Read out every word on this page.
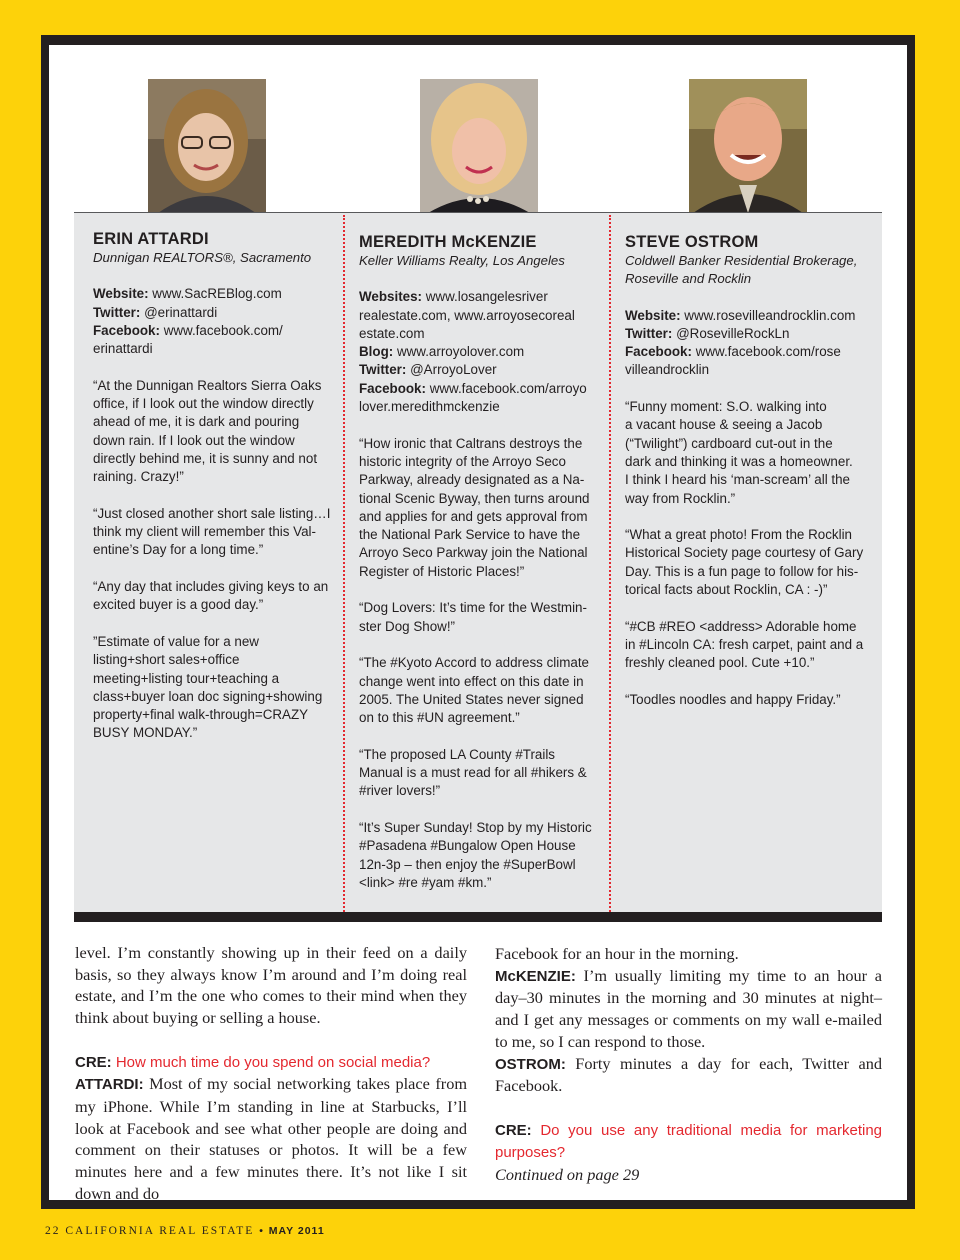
ERIN ATTARDI
Dunnigan REALTORS®, Sacramento
Website: www.SacREBlog.com
Twitter: @erinattardi
Facebook: www.facebook.com/
erinattardi
“At the Dunnigan Realtors Sierra Oaks
office, if I look out the window directly
ahead of me, it is dark and pouring
down rain. If I look out the window
directly behind me, it is sunny and not
raining. Crazy!”
“Just closed another short sale listing…I
think my client will remember this Val-
entine’s Day for a long time.”
“Any day that includes giving keys to an
excited buyer is a good day.”
”Estimate of value for a new
listing+short sales+office
meeting+listing tour+teaching a
class+buyer loan doc signing+showing
property+final walk-through=CRAZY
BUSY MONDAY.”
MEREDITH McKENZIE
Keller Williams Realty, Los Angeles
Websites: www.losangelesriver
realestate.com, www.arroyosecoreal
estate.com
Blog: www.arroyolover.com
Twitter: @ArroyoLover
Facebook: www.facebook.com/arroyo
lover.meredithmckenzie
“How ironic that Caltrans destroys the
historic integrity of the Arroyo Seco
Parkway, already designated as a Na-
tional Scenic Byway, then turns around
and applies for and gets approval from
the National Park Service to have the
Arroyo Seco Parkway join the National
Register of Historic Places!”
“Dog Lovers: It’s time for the Westmin-
ster Dog Show!”
“The #Kyoto Accord to address climate
change went into effect on this date in
2005. The United States never signed
on to this #UN agreement.”
“The proposed LA County #Trails
Manual is a must read for all #hikers &
#river lovers!”
“It’s Super Sunday! Stop by my Historic
#Pasadena #Bungalow Open House
12n-3p – then enjoy the #SuperBowl
<link> #re #yam #km.”
STEVE OSTROM
Coldwell Banker Residential Brokerage,
Roseville and Rocklin
Website: www.rosevilleandrocklin.com
Twitter: @RosevilleRockLn
Facebook: www.facebook.com/rose
villeandrocklin
“Funny moment: S.O. walking into
a vacant house & seeing a Jacob
(“Twilight”) cardboard cut-out in the
dark and thinking it was a homeowner.
I think I heard his ‘man-scream’ all the
way from Rocklin.”
“What a great photo! From the Rocklin
Historical Society page courtesy of Gary
Day. This is a fun page to follow for his-
torical facts about Rocklin, CA : -)”
“#CB #REO <address> Adorable home
in #Lincoln CA: fresh carpet, paint and a
freshly cleaned pool. Cute +10.”
“Toodles noodles and happy Friday.”

level. I’m constantly showing up in their feed on a daily basis, so they always know I’m around and I’m doing real estate, and I’m the one who comes to their mind when they think about buying or selling a house.

CRE: How much time do you spend on social media?

ATTARDI: Most of my social networking takes place from my iPhone. While I’m standing in line at Starbucks, I’ll look at Facebook and see what other people are doing and comment on their statuses or photos. It will be a few minutes here and a few minutes there. It’s not like I sit down and do

Facebook for an hour in the morning.

McKENZIE: I’m usually limiting my time to an hour a day–30 minutes in the morning and 30 minutes at night–and I get any messages or comments on my wall e-mailed to me, so I can respond to those.

OSTROM: Forty minutes a day for each, Twitter and Facebook.

CRE: Do you use any traditional media for marketing purposes?

Continued on page 29

22 CALIFORNIA REAL ESTATE • MAY 2011
